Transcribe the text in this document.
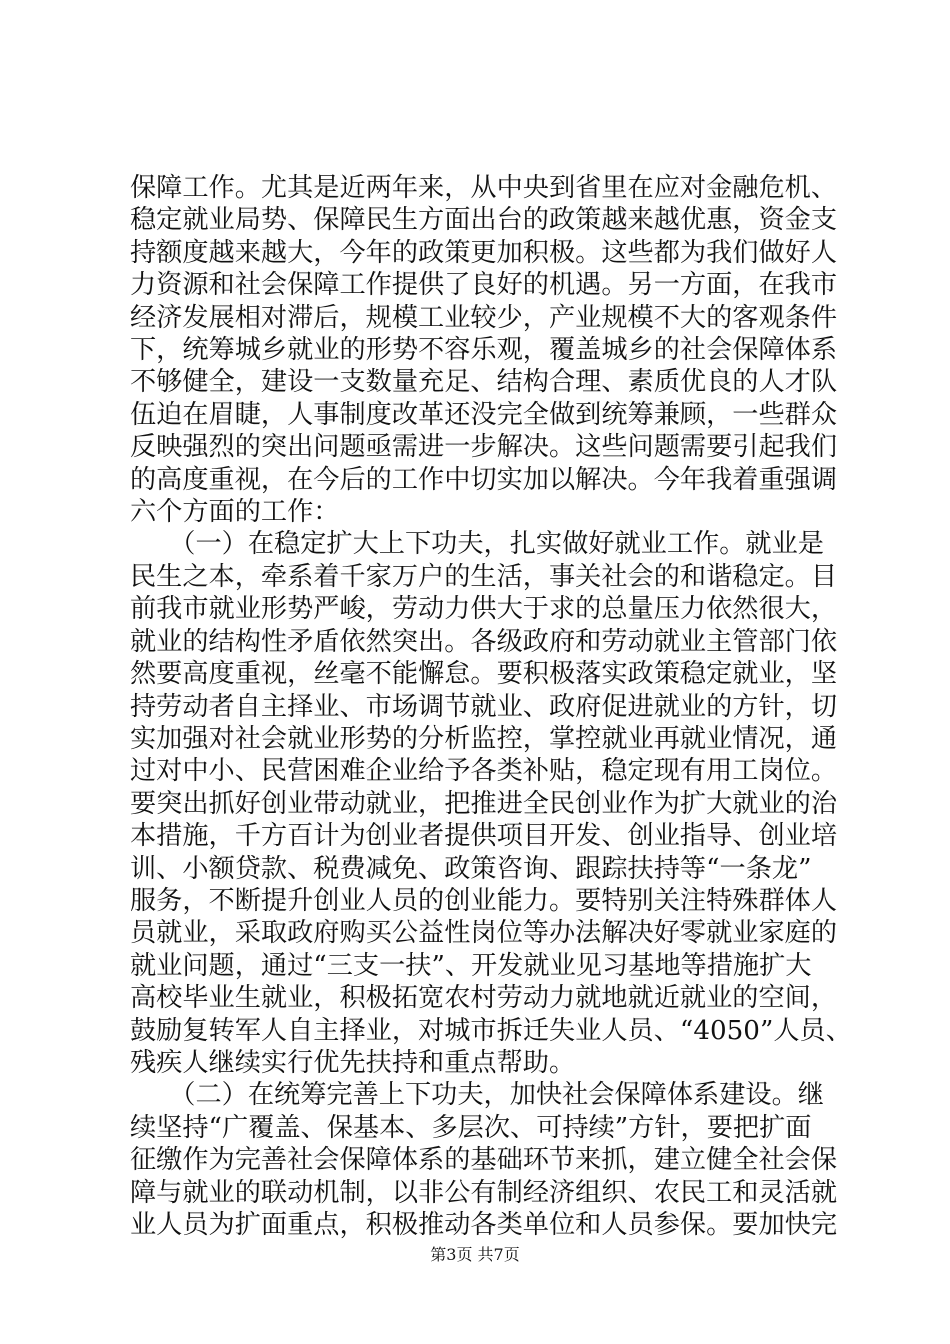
保障工作。尤其是近两年来，从中央到省里在应对金融危机、
稳定就业局势、保障民生方面出台的政策越来越优惠，资金支
持额度越来越大，今年的政策更加积极。这些都为我们做好人
力资源和社会保障工作提供了良好的机遇。另一方面，在我市
经济发展相对滞后，规模工业较少，产业规模不大的客观条件
下，统筹城乡就业的形势不容乐观，覆盖城乡的社会保障体系
不够健全，建设一支数量充足、结构合理、素质优良的人才队
伍迫在眉睫，人事制度改革还没完全做到统筹兼顾，一些群众
反映强烈的突出问题亟需进一步解决。这些问题需要引起我们
的高度重视，在今后的工作中切实加以解决。今年我着重强调
六个方面的工作：
　　（一）在稳定扩大上下功夫，扎实做好就业工作。就业是
民生之本，牵系着千家万户的生活，事关社会的和谐稳定。目
前我市就业形势严峻，劳动力供大于求的总量压力依然很大，
就业的结构性矛盾依然突出。各级政府和劳动就业主管部门依
然要高度重视，丝毫不能懈怠。要积极落实政策稳定就业，坚
持劳动者自主择业、市场调节就业、政府促进就业的方针，切
实加强对社会就业形势的分析监控，掌控就业再就业情况，通
过对中小、民营困难企业给予各类补贴，稳定现有用工岗位。
要突出抓好创业带动就业，把推进全民创业作为扩大就业的治
本措施，千方百计为创业者提供项目开发、创业指导、创业培
训、小额贷款、税费减免、政策咨询、跟踪扶持等“一条龙”
服务，不断提升创业人员的创业能力。要特别关注特殊群体人
员就业，采取政府购买公益性岗位等办法解决好零就业家庭的
就业问题，通过“三支一扶”、开发就业见习基地等措施扩大
高校毕业生就业，积极拓宽农村劳动力就地就近就业的空间，
鼓励复转军人自主择业，对城市拆迁失业人员、“4050”人员、
残疾人继续实行优先扶持和重点帮助。
　　（二）在统筹完善上下功夫，加快社会保障体系建设。继
续坚持“广覆盖、保基本、多层次、可持续”方针，要把扩面
征缴作为完善社会保障体系的基础环节来抓，建立健全社会保
障与就业的联动机制，以非公有制经济组织、农民工和灵活就
业人员为扩面重点，积极推动各类单位和人员参保。要加快完
第3页 共7页
